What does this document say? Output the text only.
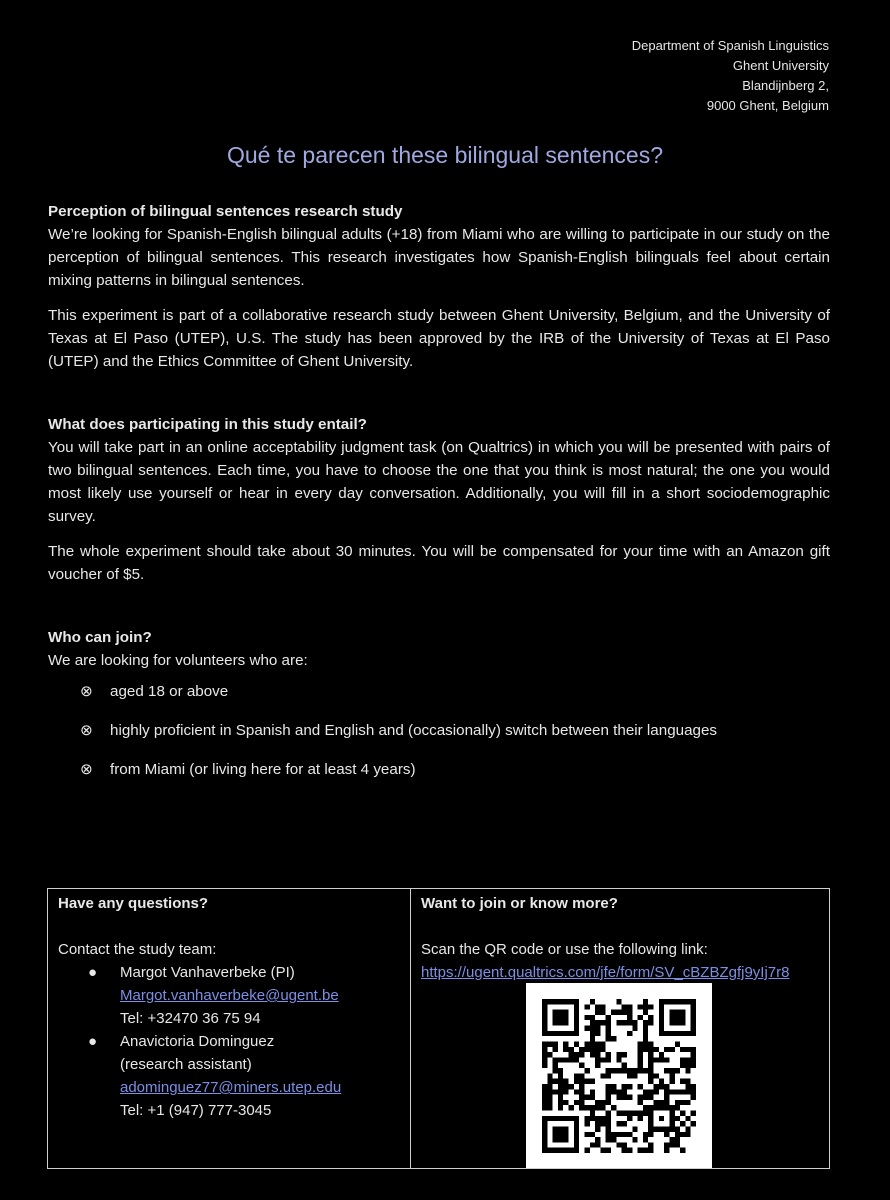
Department of Spanish Linguistics
Ghent University
Blandijnberg 2,
9000 Ghent, Belgium
Qué te parecen these bilingual sentences?

Perception of bilingual sentences research study

We’re looking for Spanish-English bilingual adults (+18) from Miami who are willing to participate in our study on the perception of bilingual sentences. This research investigates how Spanish-English bilinguals feel about certain mixing patterns in bilingual sentences.

This experiment is part of a collaborative research study between Ghent University, Belgium, and the University of Texas at El Paso (UTEP), U.S. The study has been approved by the IRB of the University of Texas at El Paso (UTEP) and the Ethics Committee of Ghent University.

What does participating in this study entail?

You will take part in an online acceptability judgment task (on Qualtrics) in which you will be presented with pairs of two bilingual sentences. Each time, you have to choose the one that you think is most natural; the one you would most likely use yourself or hear in every day conversation. Additionally, you will fill in a short sociodemographic survey.

The whole experiment should take about 30 minutes. You will be compensated for your time with an Amazon gift voucher of $5.

Who can join?

We are looking for volunteers who are:

⊗	aged 18 or above
⊗	highly proficient in Spanish and English and (occasionally) switch between their languages
⊗	from Miami (or living here for at least 4 years)
Have any questions?
Contact the study team:
● Margot Vanhaverbeke (PI)
Margot.vanhaverbeke@ugent.be
Tel: +32470 36 75 94
● Anavictoria Dominguez
(research assistant)
adominguez77@miners.utep.edu
Tel: +1 (947) 777-3045
Want to join or know more?
Scan the QR code or use the following link:
https://ugent.qualtrics.com/jfe/form/SV_cBZBZgfj9yIj7r8
